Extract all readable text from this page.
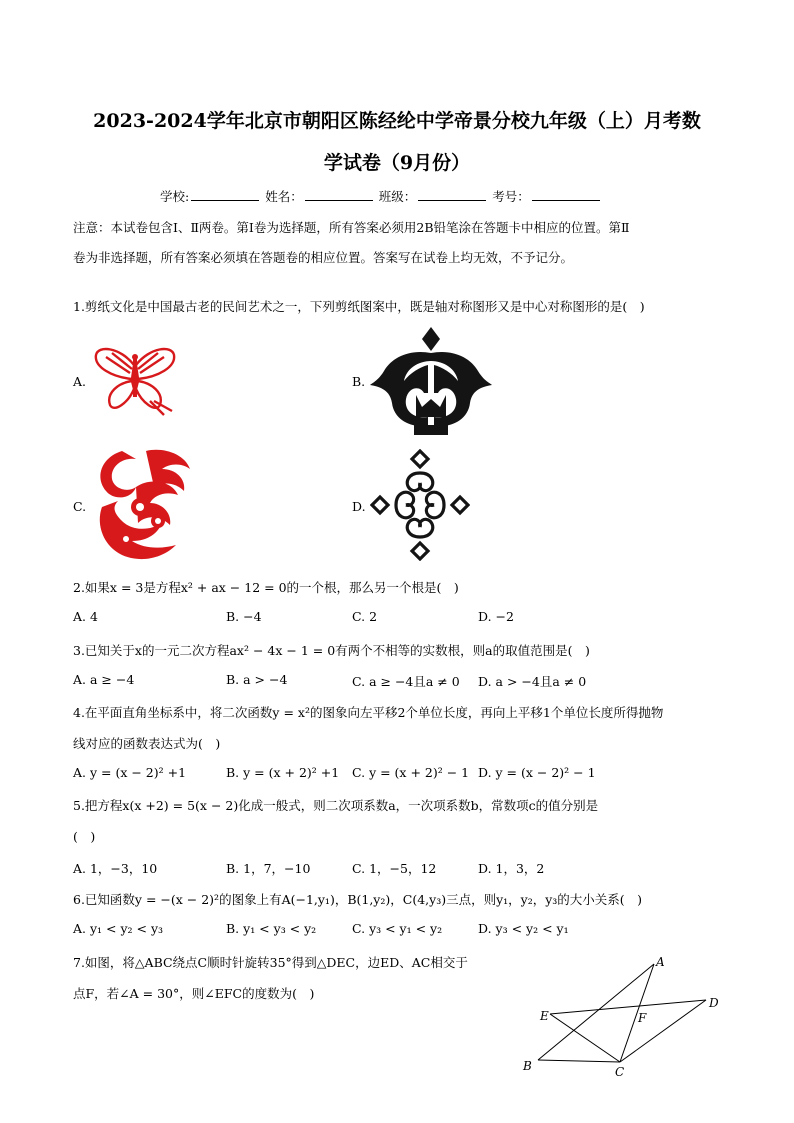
2023-2024学年北京市朝阳区陈经纶中学帝景分校九年级（上）月考数
学试卷（9月份）
学校:	姓名：	班级：	考号：
注意：本试卷包含Ⅰ、Ⅱ两卷。第Ⅰ卷为选择题，所有答案必须用2B铅笔涂在答题卡中相应的位置。第Ⅱ
卷为非选择题，所有答案必须填在答题卷的相应位置。答案写在试卷上均无效，不予记分。
1.剪纸文化是中国最古老的民间艺术之一，下列剪纸图案中，既是轴对称图形又是中心对称图形的是(　)
A.	B.
C.	D.
2.如果x = 3是方程x² + ax − 12 = 0的一个根，那么另一个根是(　)
A. 4	B. −4	C. 2	D. −2
3.已知关于x的一元二次方程ax² − 4x − 1 = 0有两个不相等的实数根，则a的取值范围是(　)
A. a ≥ −4	B. a > −4	C. a ≥ −4且a ≠ 0 D. a > −4且a ≠ 0
4.在平面直角坐标系中，将二次函数y = x²的图象向左平移2个单位长度，再向上平移1个单位长度所得抛物
线对应的函数表达式为(　)
A. y = (x − 2)² +1	B. y = (x + 2)² +1 C. y = (x + 2)² − 1 D. y = (x − 2)² − 1
5.把方程x(x +2) = 5(x − 2)化成一般式，则二次项系数a，一次项系数b，常数项c的值分别是
(　)
A. 1，−3，10	B. 1，7，−10	C. 1，−5，12	D. 1，3，2
6.已知函数y = −(x − 2)²的图象上有A(−1,y₁)，B(1,y₂)，C(4,y₃)三点，则y₁，y₂，y₃的大小关系(　)
A. y₁ < y₂ < y₃	B. y₁ < y₃ < y₂	C. y₃ < y₁ < y₂	D. y₃ < y₂ < y₁
7.如图，将△ABC绕点C顺时针旋转35°得到△DEC，边ED、AC相交于
点F，若∠A = 30°，则∠EFC的度数为(　)
A
B	C
D
E	F
